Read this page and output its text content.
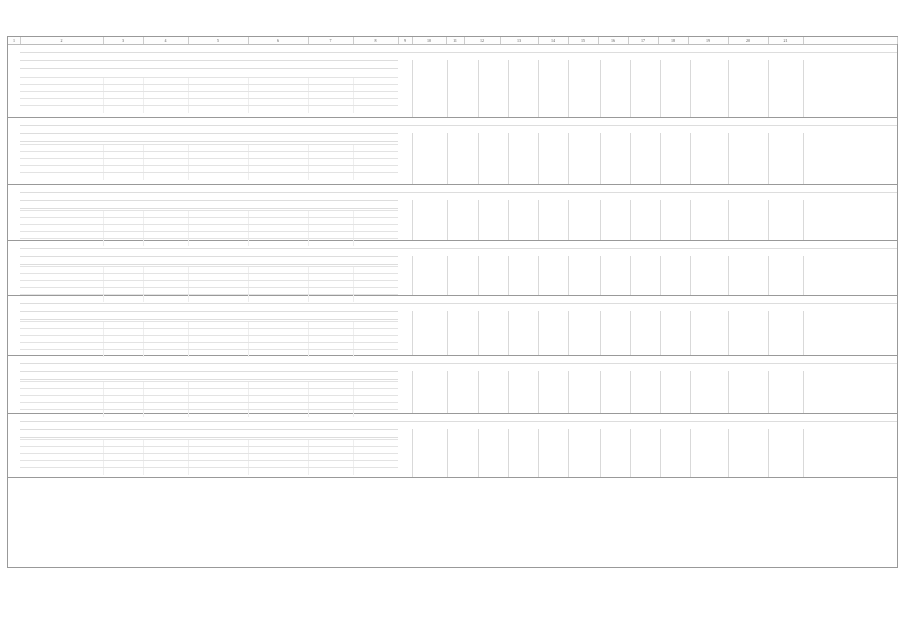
1	2	3	4	5	6	7	8	9	10	11	12	13	14	15	16	17	18	19	20	21
